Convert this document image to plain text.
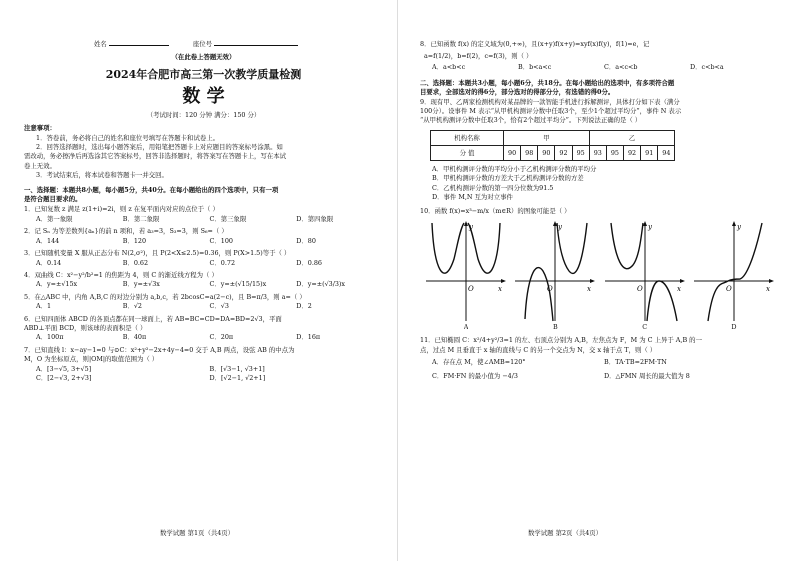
姓名	座位号
（在此卷上答题无效）
2024年合肥市高三第一次教学质量检测
数 学
（考试时间：120 分钟 满分：150 分）
注意事项：
1．答卷前，务必将自己的姓名和座位号填写在答题卡和试卷上。
2．回答选择题时，选出每小题答案后，用铅笔把答题卡上对应题目的答案标号涂黑。如
需改动，务必擦净后再选涂其它答案标号，回答非选择题时，将答案写在答题卡上，写在本试
卷上无效。
3．考试结束后，将本试卷和答题卡一并交回。
一、选择题：本题共8小题，每小题5分，共40分。在每小题给出的四个选项中，只有一项
是符合题目要求的。
1．已知复数 z 满足 z(1+i)=2i，则 z 在复平面内对应的点位于（ ）
A．第一象限	B．第二象限	C．第三象限	D．第四象限
2．记 Sₙ 为等差数列{aₙ}的前 n 项和，若 a₃=3，S₃=3，则 S₆=（ ）
A．144	B．120	C．100	D．80
3．已知随机变量 X 服从正态分布 N(2,σ²)，且 P(2<X≤2.5)=0.36，则 P(X>1.5)等于（ ）
A．0.14	B．0.62	C．0.72	D．0.86
4．双曲线 C：x²−y²/b²=1 的焦距为 4，则 C 的渐近线方程为（ ）
A．y=±√15x	B．y=±√3x	C．y=±(√15/15)x	D．y=±(√3/3)x
5．在△ABC 中，内角 A,B,C 的对边分别为 a,b,c，若 2bcosC=a(2−c)，且 B=π/3，则 a=（ ）
A．1	B．√2	C．√3	D．2
6．已知四面体 ABCD 的各顶点都在同一球面上，若 AB=BC=CD=DA=BD=2√3，平面
ABD⊥平面 BCD，则该球的表面积是（ ）
A．100π	B．40π	C．20π	D．16π
7．已知直线 l：x−ay−1=0 与⊙C：x²+y²−2x+4y−4=0 交于 A,B 两点，设弦 AB 的中点为
M，O 为坐标原点，则|OM|的取值范围为（ ）
A．[3−√5, 3+√5]	B．[√3−1, √3+1]
C．[2−√3, 2+√3]	D．[√2−1, √2+1]
数学试题 第1页（共4页）
8．已知函数 f(x) 的定义域为(0,+∞)，且(x+y)f(x+y)=xyf(x)f(y)，f(1)=e，记
a=f(1/2)，b=f(2)，c=f(3)，则（ ）
A．a<b<c	B．b<a<c	C．a<c<b	D．c<b<a
二、选择题：本题共3小题，每小题6分，共18分。在每小题给出的选项中，有多项符合题
目要求，全部选对的得6分，部分选对的得部分分，有选错的得0分。
9．现有甲、乙两家检测机构对某品牌的一款智能手机进行拆解测评，具体打分如下表（满分
100分）。设事件 M 表示“从甲机构测评分数中任取3个，至少1个超过平均分”，事件 N 表示
“从甲机构测评分数中任取3个，恰有2个超过平均分”。下列说法正确的是（ ）
机构名称	甲					乙				
分 值	90	98	90	92	95	93	95	92	91	94
A．甲机构测评分数的平均分小于乙机构测评分数的平均分
B．甲机构测评分数的方差大于乙机构测评分数的方差
C．乙机构测评分数的第一四分位数为91.5
D．事件 M,N 互为对立事件
10．函数 f(x)=x³−m/x（m∈R）的图象可能是（ ）
O	x
y
A
O	x
y
B
O	x
y
C
O	x
y
D
11．已知椭圆 C：x²/4+y²/3=1 的左、右顶点分别为 A,B，左焦点为 F，M 为 C 上异于 A,B 的一
点，过点 M 且垂直于 x 轴的直线与 C 的另一个交点为 N，交 x 轴于点 T，则（ ）
A．存在点 M，使∠AMB=120°	B．TA·TB=2FM·TN
C．FM·FN 的最小值为 −4/3	D．△FMN 周长的最大值为 8
数学试题 第2页（共4页）
